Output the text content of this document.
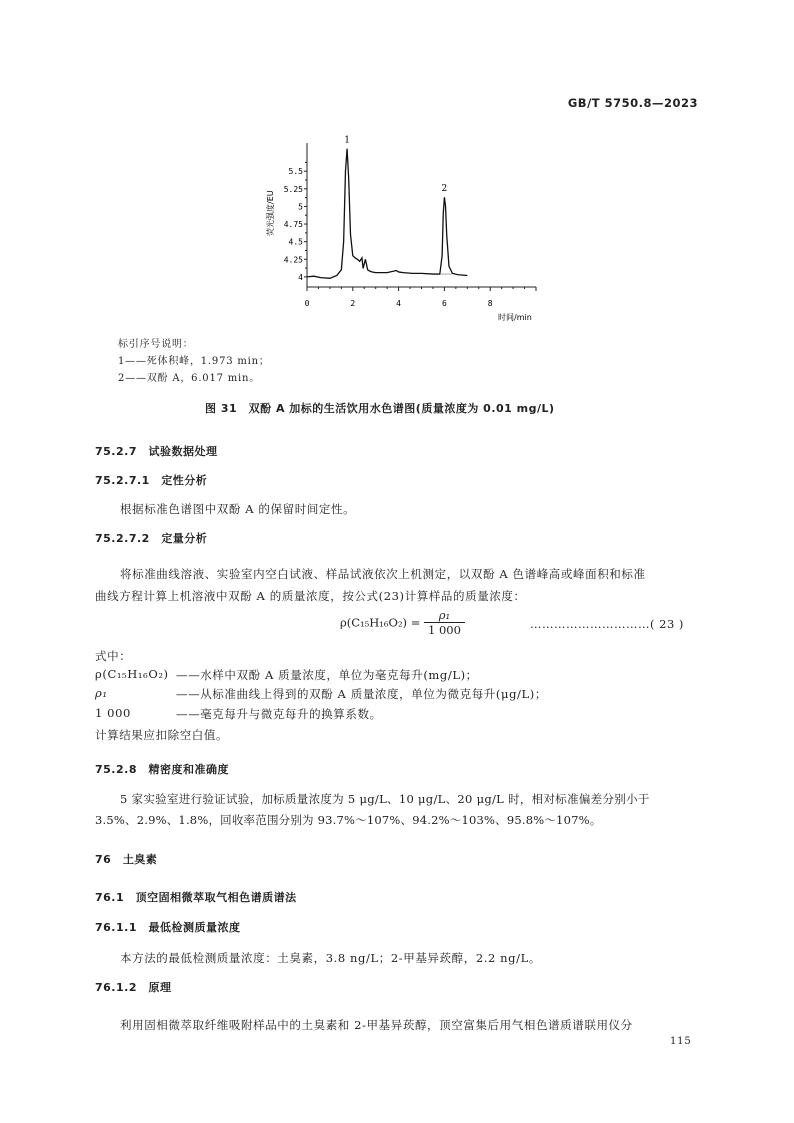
GB/T 5750.8—2023
0	2	4	6	8
4
4.25
4.5
4.75
5
5.25
5.5
时间/min
荧光强度/EU
1
2
标引序号说明：
1——死体积峰，1.973 min；
2——双酚 A，6.017 min。
图 31　双酚 A 加标的生活饮用水色谱图(质量浓度为 0.01 mg/L)
75.2.7　 试验数据处理
75.2.7.1　 定性分析
根据标准色谱图中双酚 A 的保留时间定性。
75.2.7.2　 定量分析
将标准曲线溶液、实验室内空白试液、样品试液依次上机测定，以双酚 A 色谱峰高或峰面积和标准
曲线方程计算上机溶液中双酚 A 的质量浓度，按公式(23)计算样品的质量浓度：
$\rho(C_{15}H_{16}O_2) = \frac{\text{ρ₁}}{1 000}$	…………………………( 23 )
式中：
ρ(C₁₅H₁₆O₂) ——水样中双酚 A 质量浓度，单位为毫克每升(mg/L)；
ρ₁	——从标准曲线上得到的双酚 A 质量浓度，单位为微克每升(μg/L)；
1 000	——毫克每升与微克每升的换算系数。
计算结果应扣除空白值。
75.2.8　 精密度和准确度
5 家实验室进行验证试验，加标质量浓度为 5 μg/L、10 μg/L、20 μg/L 时，相对标准偏差分别小于
3.5%、2.9%、1.8%，回收率范围分别为 93.7%～107%、94.2%～103%、95.8%～107%。
76　 土臭素
76.1　 顶空固相微萃取气相色谱质谱法
76.1.1　 最低检测质量浓度
本方法的最低检测质量浓度：土臭素，3.8 ng/L；2-甲基异莰醇，2.2 ng/L。
76.1.2　 原理
利用固相微萃取纤维吸附样品中的土臭素和 2-甲基异莰醇，顶空富集后用气相色谱质谱联用仪分
115
